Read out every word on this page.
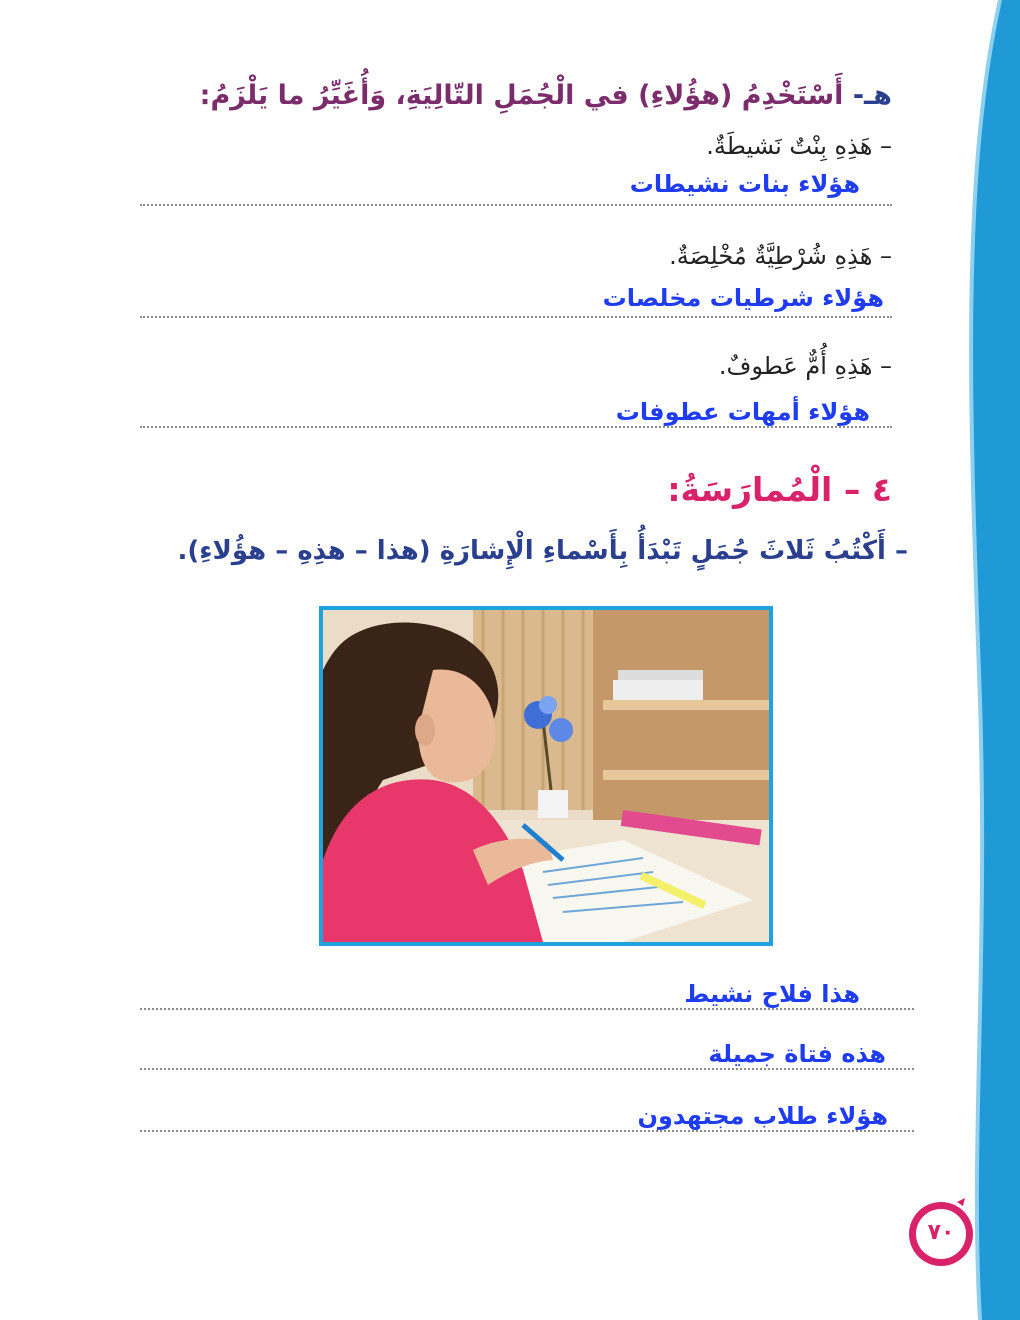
هـ- أَسْتَخْدِمُ (هؤُلاءِ) في الْجُمَلِ التّالِيَةِ، وَأُغَيِّرُ ما يَلْزَمُ:
– هَذِهِ بِنْتٌ نَشيطَةٌ.
هؤلاء بنات نشيطات
– هَذِهِ شُرْطِيَّةٌ مُخْلِصَةٌ.
هؤلاء شرطيات مخلصات
– هَذِهِ أُمٌّ عَطوفٌ.
هؤلاء أمهات عطوفات
٤ – الْمُمارَسَةُ:
– أَكْتُبُ ثَلاثَ جُمَلٍ تَبْدَأُ بِأَسْماءِ الْإِشارَةِ (هذا – هذِهِ – هؤُلاءِ).
هذا فلاح نشيط
هذه فتاة جميلة
هؤلاء طلاب مجتهدون
٧٠
